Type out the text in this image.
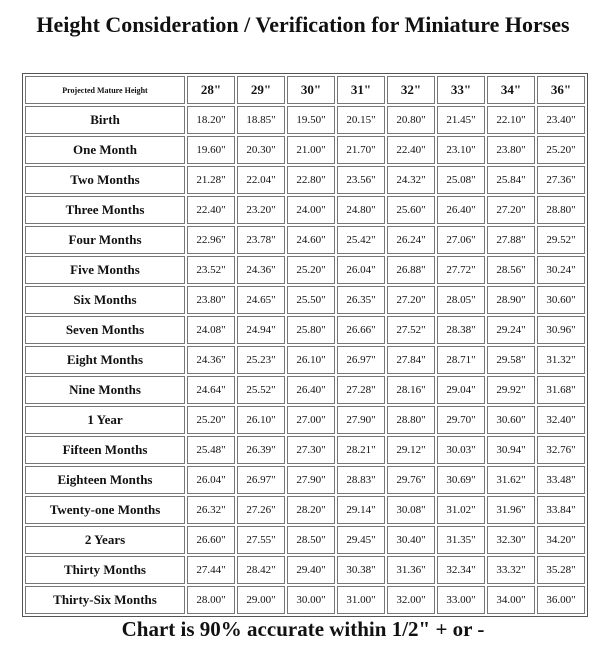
Height Consideration / Verification for Miniature Horses
Projected Mature Height	28"	29"	30"	31"	32"	33"	34"	36"
Birth	18.20"	18.85"	19.50"	20.15"	20.80"	21.45"	22.10"	23.40"
One Month	19.60"	20.30"	21.00"	21.70"	22.40"	23.10"	23.80"	25.20"
Two Months	21.28"	22.04"	22.80"	23.56"	24.32"	25.08"	25.84"	27.36"
Three Months	22.40"	23.20"	24.00"	24.80"	25.60"	26.40"	27.20"	28.80"
Four Months	22.96"	23.78"	24.60"	25.42"	26.24"	27.06"	27.88"	29.52"
Five Months	23.52"	24.36"	25.20"	26.04"	26.88"	27.72"	28.56"	30.24"
Six Months	23.80"	24.65"	25.50"	26.35"	27.20"	28.05"	28.90"	30.60"
Seven Months	24.08"	24.94"	25.80"	26.66"	27.52"	28.38"	29.24"	30.96"
Eight Months	24.36"	25.23"	26.10"	26.97"	27.84"	28.71"	29.58"	31.32"
Nine Months	24.64"	25.52"	26.40"	27.28"	28.16"	29.04"	29.92"	31.68"
1 Year	25.20"	26.10"	27.00"	27.90"	28.80"	29.70"	30.60"	32.40"
Fifteen Months	25.48"	26.39"	27.30"	28.21"	29.12"	30.03"	30.94"	32.76"
Eighteen Months	26.04"	26.97"	27.90"	28.83"	29.76"	30.69"	31.62"	33.48"
Twenty-one Months	26.32"	27.26"	28.20"	29.14"	30.08"	31.02"	31.96"	33.84"
2 Years	26.60"	27.55"	28.50"	29.45"	30.40"	31.35"	32.30"	34.20"
Thirty Months	27.44"	28.42"	29.40"	30.38"	31.36"	32.34"	33.32"	35.28"
Thirty-Six Months	28.00"	29.00"	30.00"	31.00"	32.00"	33.00"	34.00"	36.00"
Chart is 90% accurate within 1/2" + or -
